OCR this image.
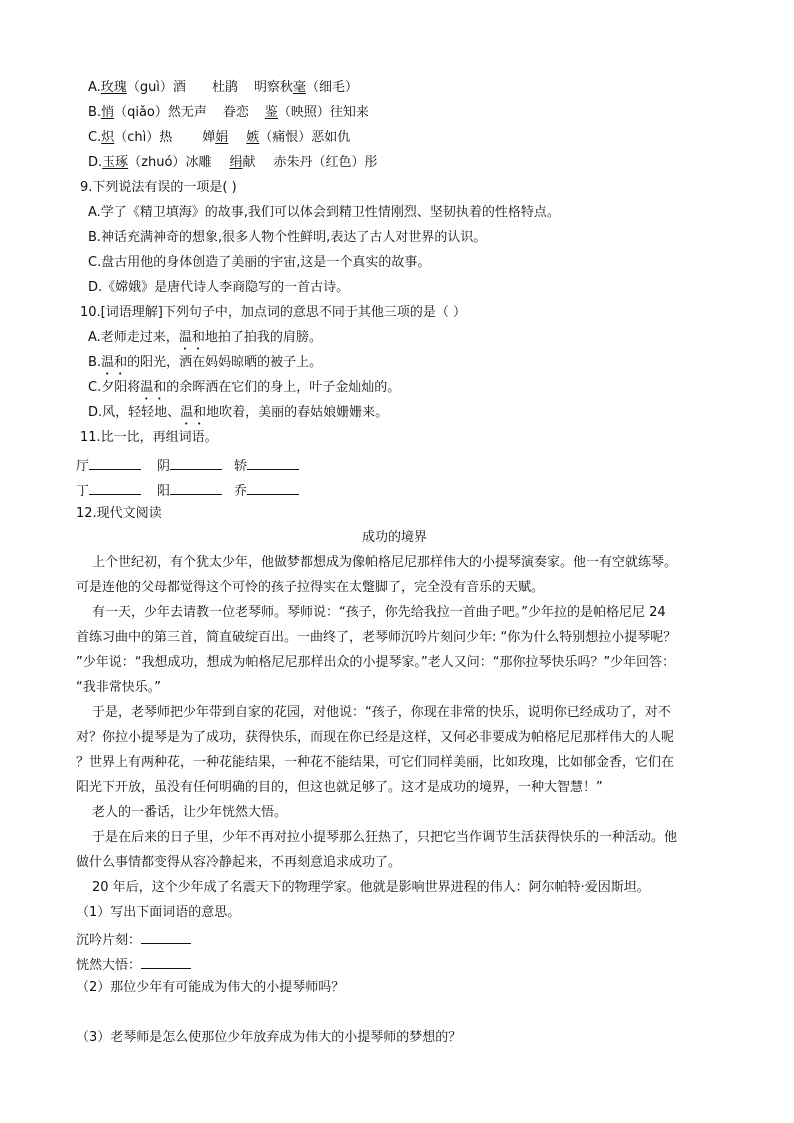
A.玫瑰（guì）酒 杜鹃 明察秋毫（细毛）
B.悄（qiǎo）然无声 眷恋 鉴（映照）往知来
C.炽（chì）热 婵娟 嫉（痛恨）恶如仇
D.玉琢（zhuó）冰雕 绢献 赤朱丹（红色）彤
9.下列说法有误的一项是( )
A.学了《精卫填海》的故事,我们可以体会到精卫性情刚烈、坚韧执着的性格特点。
B.神话充满神奇的想象,很多人物个性鲜明,表达了古人对世界的认识。
C.盘古用他的身体创造了美丽的宇宙,这是一个真实的故事。
D.《嫦娥》是唐代诗人李商隐写的一首古诗。
10.[词语理解]下列句子中，加点词的意思不同于其他三项的是（ ）
A.老师走过来，温和地拍了拍我的肩膀。
B.温和的阳光，洒在妈妈晾晒的被子上。
C.夕阳将温和的余晖洒在它们的身上，叶子金灿灿的。
D.风，轻轻地、温和地吹着，美丽的春姑娘姗姗来。
11.比一比，再组词语。
厅	阴	轿
丁	阳	乔
12.现代文阅读
成功的境界
上个世纪初，有个犹太少年，他做梦都想成为像帕格尼尼那样伟大的小提琴演奏家。他一有空就练琴。
可是连他的父母都觉得这个可怜的孩子拉得实在太蹩脚了，完全没有音乐的天赋。
有一天，少年去请教一位老琴师。琴师说：“孩子，你先给我拉一首曲子吧。”少年拉的是帕格尼尼 24
首练习曲中的第三首，简直破绽百出。一曲终了，老琴师沉吟片刻问少年: “你为什么特别想拉小提琴呢？
”少年说：“我想成功，想成为帕格尼尼那样出众的小提琴家。”老人又问：“那你拉琴快乐吗？”少年回答：
“我非常快乐。”
于是，老琴师把少年带到自家的花园，对他说：“孩子，你现在非常的快乐，说明你已经成功了，对不
对？你拉小提琴是为了成功，获得快乐，而现在你已经是这样，又何必非要成为帕格尼尼那样伟大的人呢
？世界上有两种花，一种花能结果，一种花不能结果，可它们同样美丽，比如玫瑰，比如郁金香，它们在
阳光下开放，虽没有任何明确的目的，但这也就足够了。这才是成功的境界，一种大智慧！”
老人的一番话，让少年恍然大悟。
于是在后来的日子里，少年不再对拉小提琴那么狂热了，只把它当作调节生活获得快乐的一种活动。他
做什么事情都变得从容冷静起来，不再刻意追求成功了。
20 年后，这个少年成了名震天下的物理学家。他就是影响世界进程的伟人：阿尔帕特·爱因斯坦。
（1）写出下面词语的意思。
沉吟片刻：
恍然大悟：
（2）那位少年有可能成为伟大的小提琴师吗？
（3）老琴师是怎么使那位少年放弃成为伟大的小提琴师的梦想的？
